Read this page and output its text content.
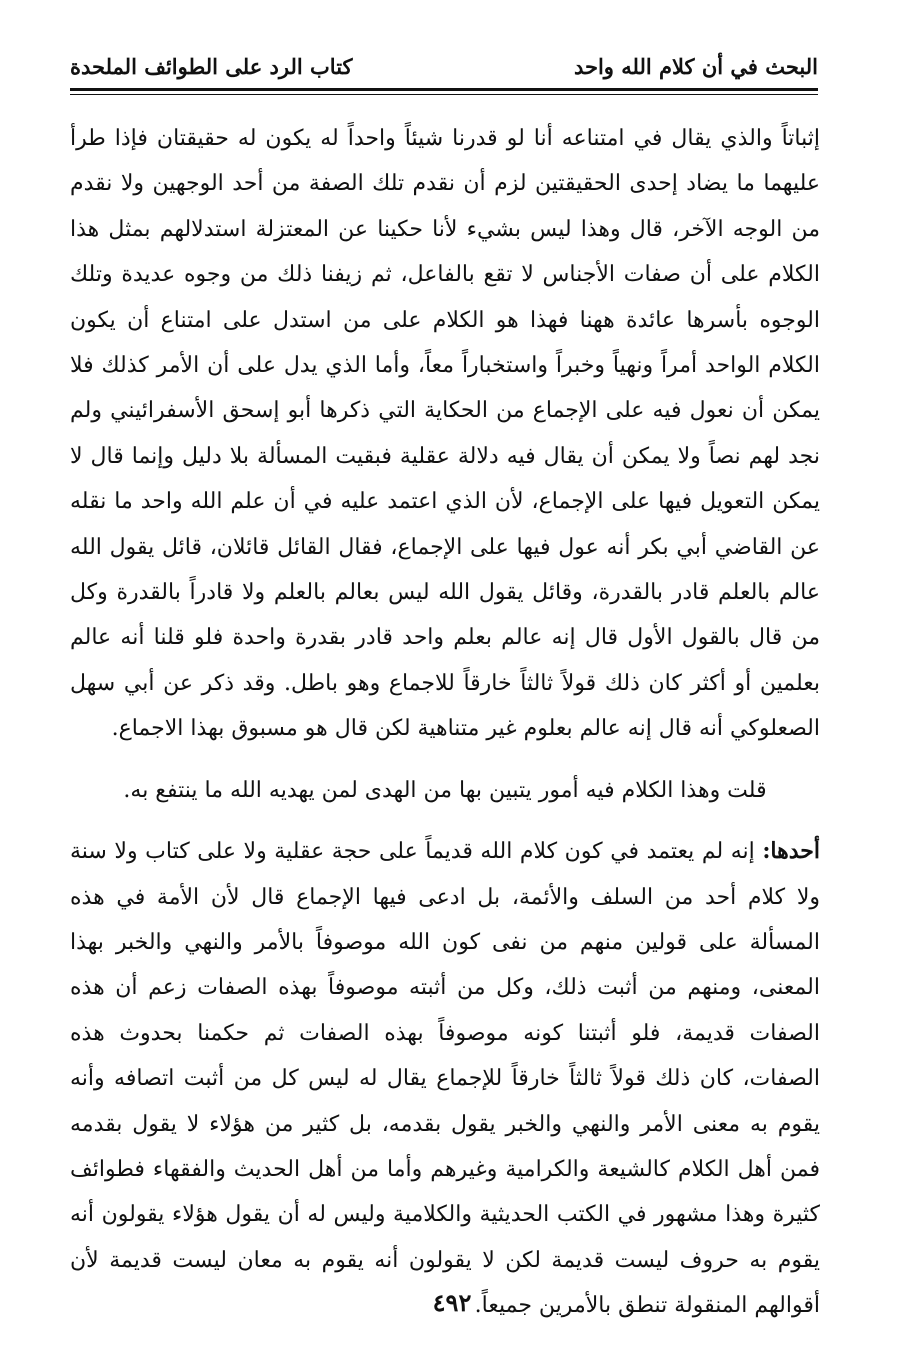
البحث في أن كلام الله واحد
كتاب الرد على الطوائف الملحدة

إثباتاً والذي يقال في امتناعه أنا لو قدرنا شيئاً واحداً له يكون له حقيقتان فإذا طرأ عليهما ما يضاد إحدى الحقيقتين لزم أن نقدم تلك الصفة من أحد الوجهين ولا نقدم من الوجه الآخر، قال وهذا ليس بشيء لأنا حكينا عن المعتزلة استدلالهم بمثل هذا الكلام على أن صفات الأجناس لا تقع بالفاعل، ثم زيفنا ذلك من وجوه عديدة وتلك الوجوه بأسرها عائدة ههنا فهذا هو الكلام على من استدل على امتناع أن يكون الكلام الواحد أمراً ونهياً وخبراً واستخباراً معاً، وأما الذي يدل على أن الأمر كذلك فلا يمكن أن نعول فيه على الإجماع من الحكاية التي ذكرها أبو إسحق الأسفرائيني ولم نجد لهم نصاً ولا يمكن أن يقال فيه دلالة عقلية فبقيت المسألة بلا دليل وإنما قال لا يمكن التعويل فيها على الإجماع، لأن الذي اعتمد عليه في أن علم الله واحد ما نقله عن القاضي أبي بكر أنه عول فيها على الإجماع، فقال القائل قائلان، قائل يقول الله عالم بالعلم قادر بالقدرة، وقائل يقول الله ليس بعالم بالعلم ولا قادراً بالقدرة وكل من قال بالقول الأول قال إنه عالم بعلم واحد قادر بقدرة واحدة فلو قلنا أنه عالم بعلمين أو أكثر كان ذلك قولاً ثالثاً خارقاً للاجماع وهو باطل. وقد ذكر عن أبي سهل الصعلوكي أنه قال إنه عالم بعلوم غير متناهية لكن قال هو مسبوق بهذا الاجماع.

قلت وهذا الكلام فيه أمور يتبين بها من الهدى لمن يهديه الله ما ينتفع به.

أحدها: إنه لم يعتمد في كون كلام الله قديماً على حجة عقلية ولا على كتاب ولا سنة ولا كلام أحد من السلف والأئمة، بل ادعى فيها الإجماع قال لأن الأمة في هذه المسألة على قولين منهم من نفى كون الله موصوفاً بالأمر والنهي والخبر بهذا المعنى، ومنهم من أثبت ذلك، وكل من أثبته موصوفاً بهذه الصفات زعم أن هذه الصفات قديمة، فلو أثبتنا كونه موصوفاً بهذه الصفات ثم حكمنا بحدوث هذه الصفات، كان ذلك قولاً ثالثاً خارقاً للإجماع يقال له ليس كل من أثبت اتصافه وأنه يقوم به معنى الأمر والنهي والخبر يقول بقدمه، بل كثير من هؤلاء لا يقول بقدمه فمن أهل الكلام كالشيعة والكرامية وغيرهم وأما من أهل الحديث والفقهاء فطوائف كثيرة وهذا مشهور في الكتب الحديثية والكلامية وليس له أن يقول هؤلاء يقولون أنه يقوم به حروف ليست قديمة لكن لا يقولون أنه يقوم به معان ليست قديمة لأن أقوالهم المنقولة تنطق بالأمرين جميعاً.

٤٩٢
